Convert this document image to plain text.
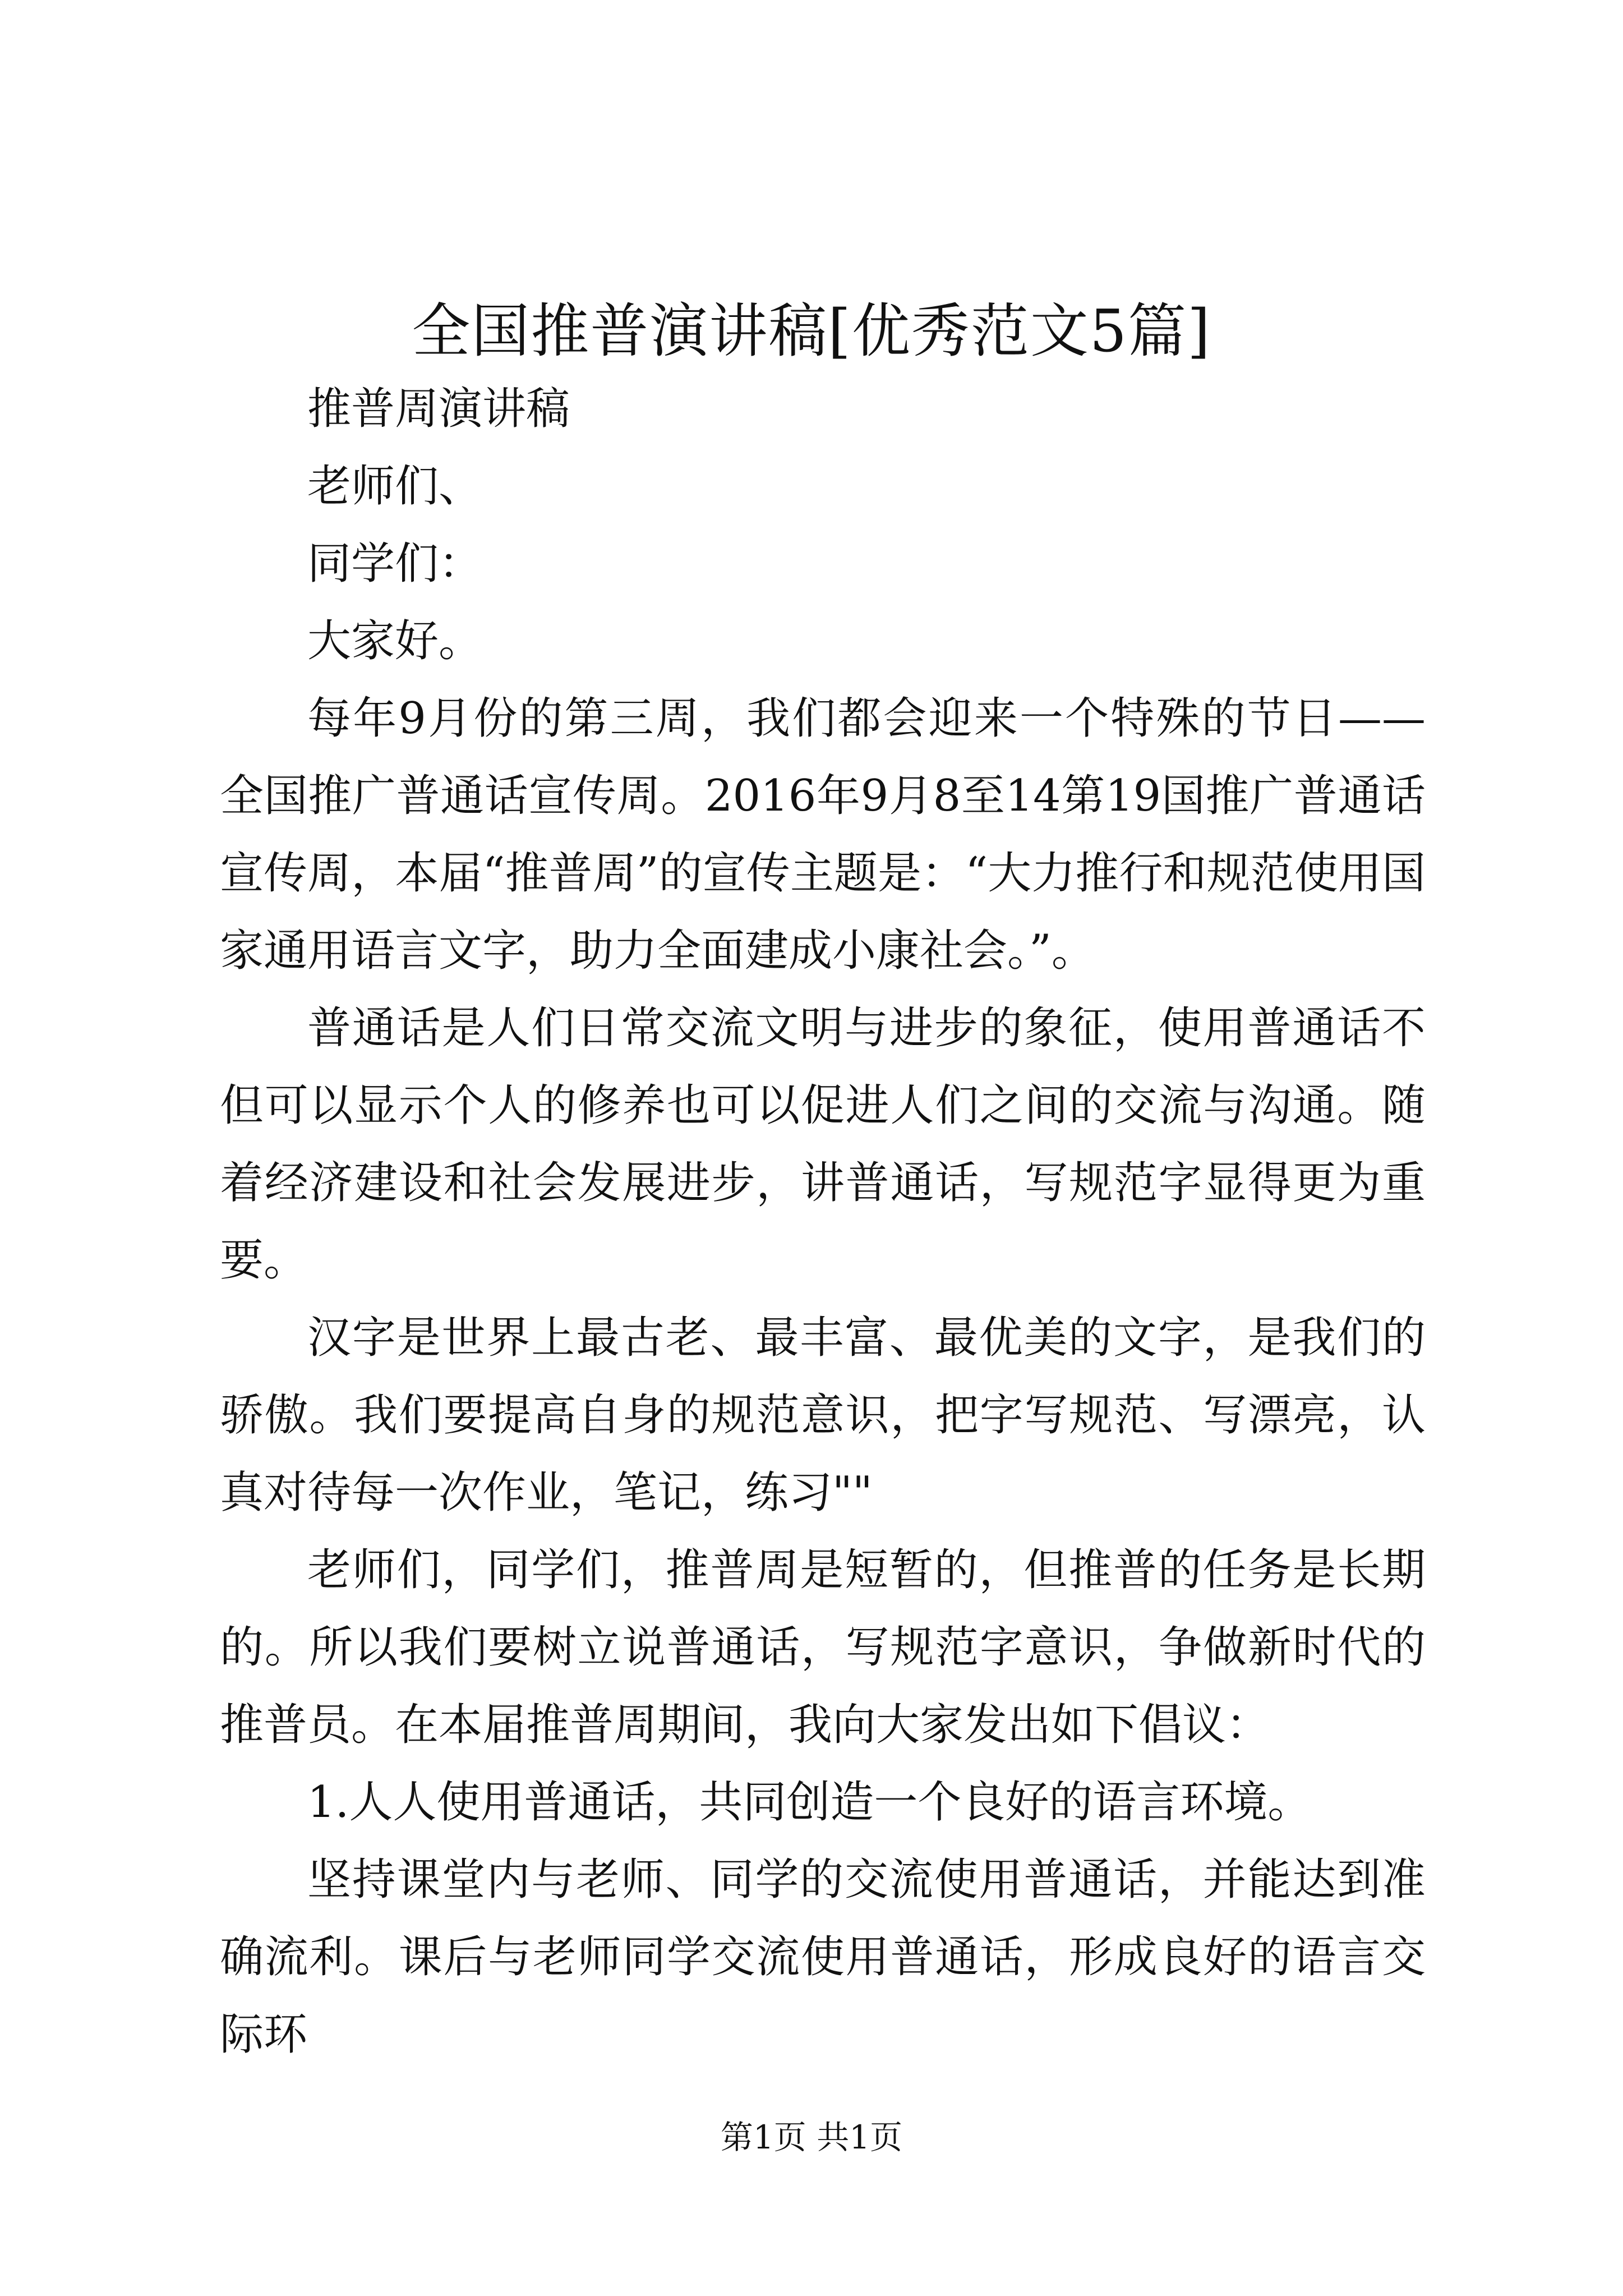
全国推普演讲稿[优秀范文5篇]

推普周演讲稿

老师们、

同学们：

大家好。

每年9月份的第三周，我们都会迎来一个特殊的节日——全国推广普通话宣传周。2016年9月8至14第19国推广普通话宣传周，本届“推普周”的宣传主题是：“大力推行和规范使用国家通用语言文字，助力全面建成小康社会。”。

普通话是人们日常交流文明与进步的象征，使用普通话不但可以显示个人的修养也可以促进人们之间的交流与沟通。随着经济建设和社会发展进步，讲普通话，写规范字显得更为重要。

汉字是世界上最古老、最丰富、最优美的文字，是我们的骄傲。我们要提高自身的规范意识，把字写规范、写漂亮，认真对待每一次作业，笔记，练习""

老师们，同学们，推普周是短暂的，但推普的任务是长期的。所以我们要树立说普通话，写规范字意识，争做新时代的推普员。在本届推普周期间，我向大家发出如下倡议：

1.人人使用普通话，共同创造一个良好的语言环境。

坚持课堂内与老师、同学的交流使用普通话，并能达到准确流利。课后与老师同学交流使用普通话，形成良好的语言交际环

第1页 共1页
